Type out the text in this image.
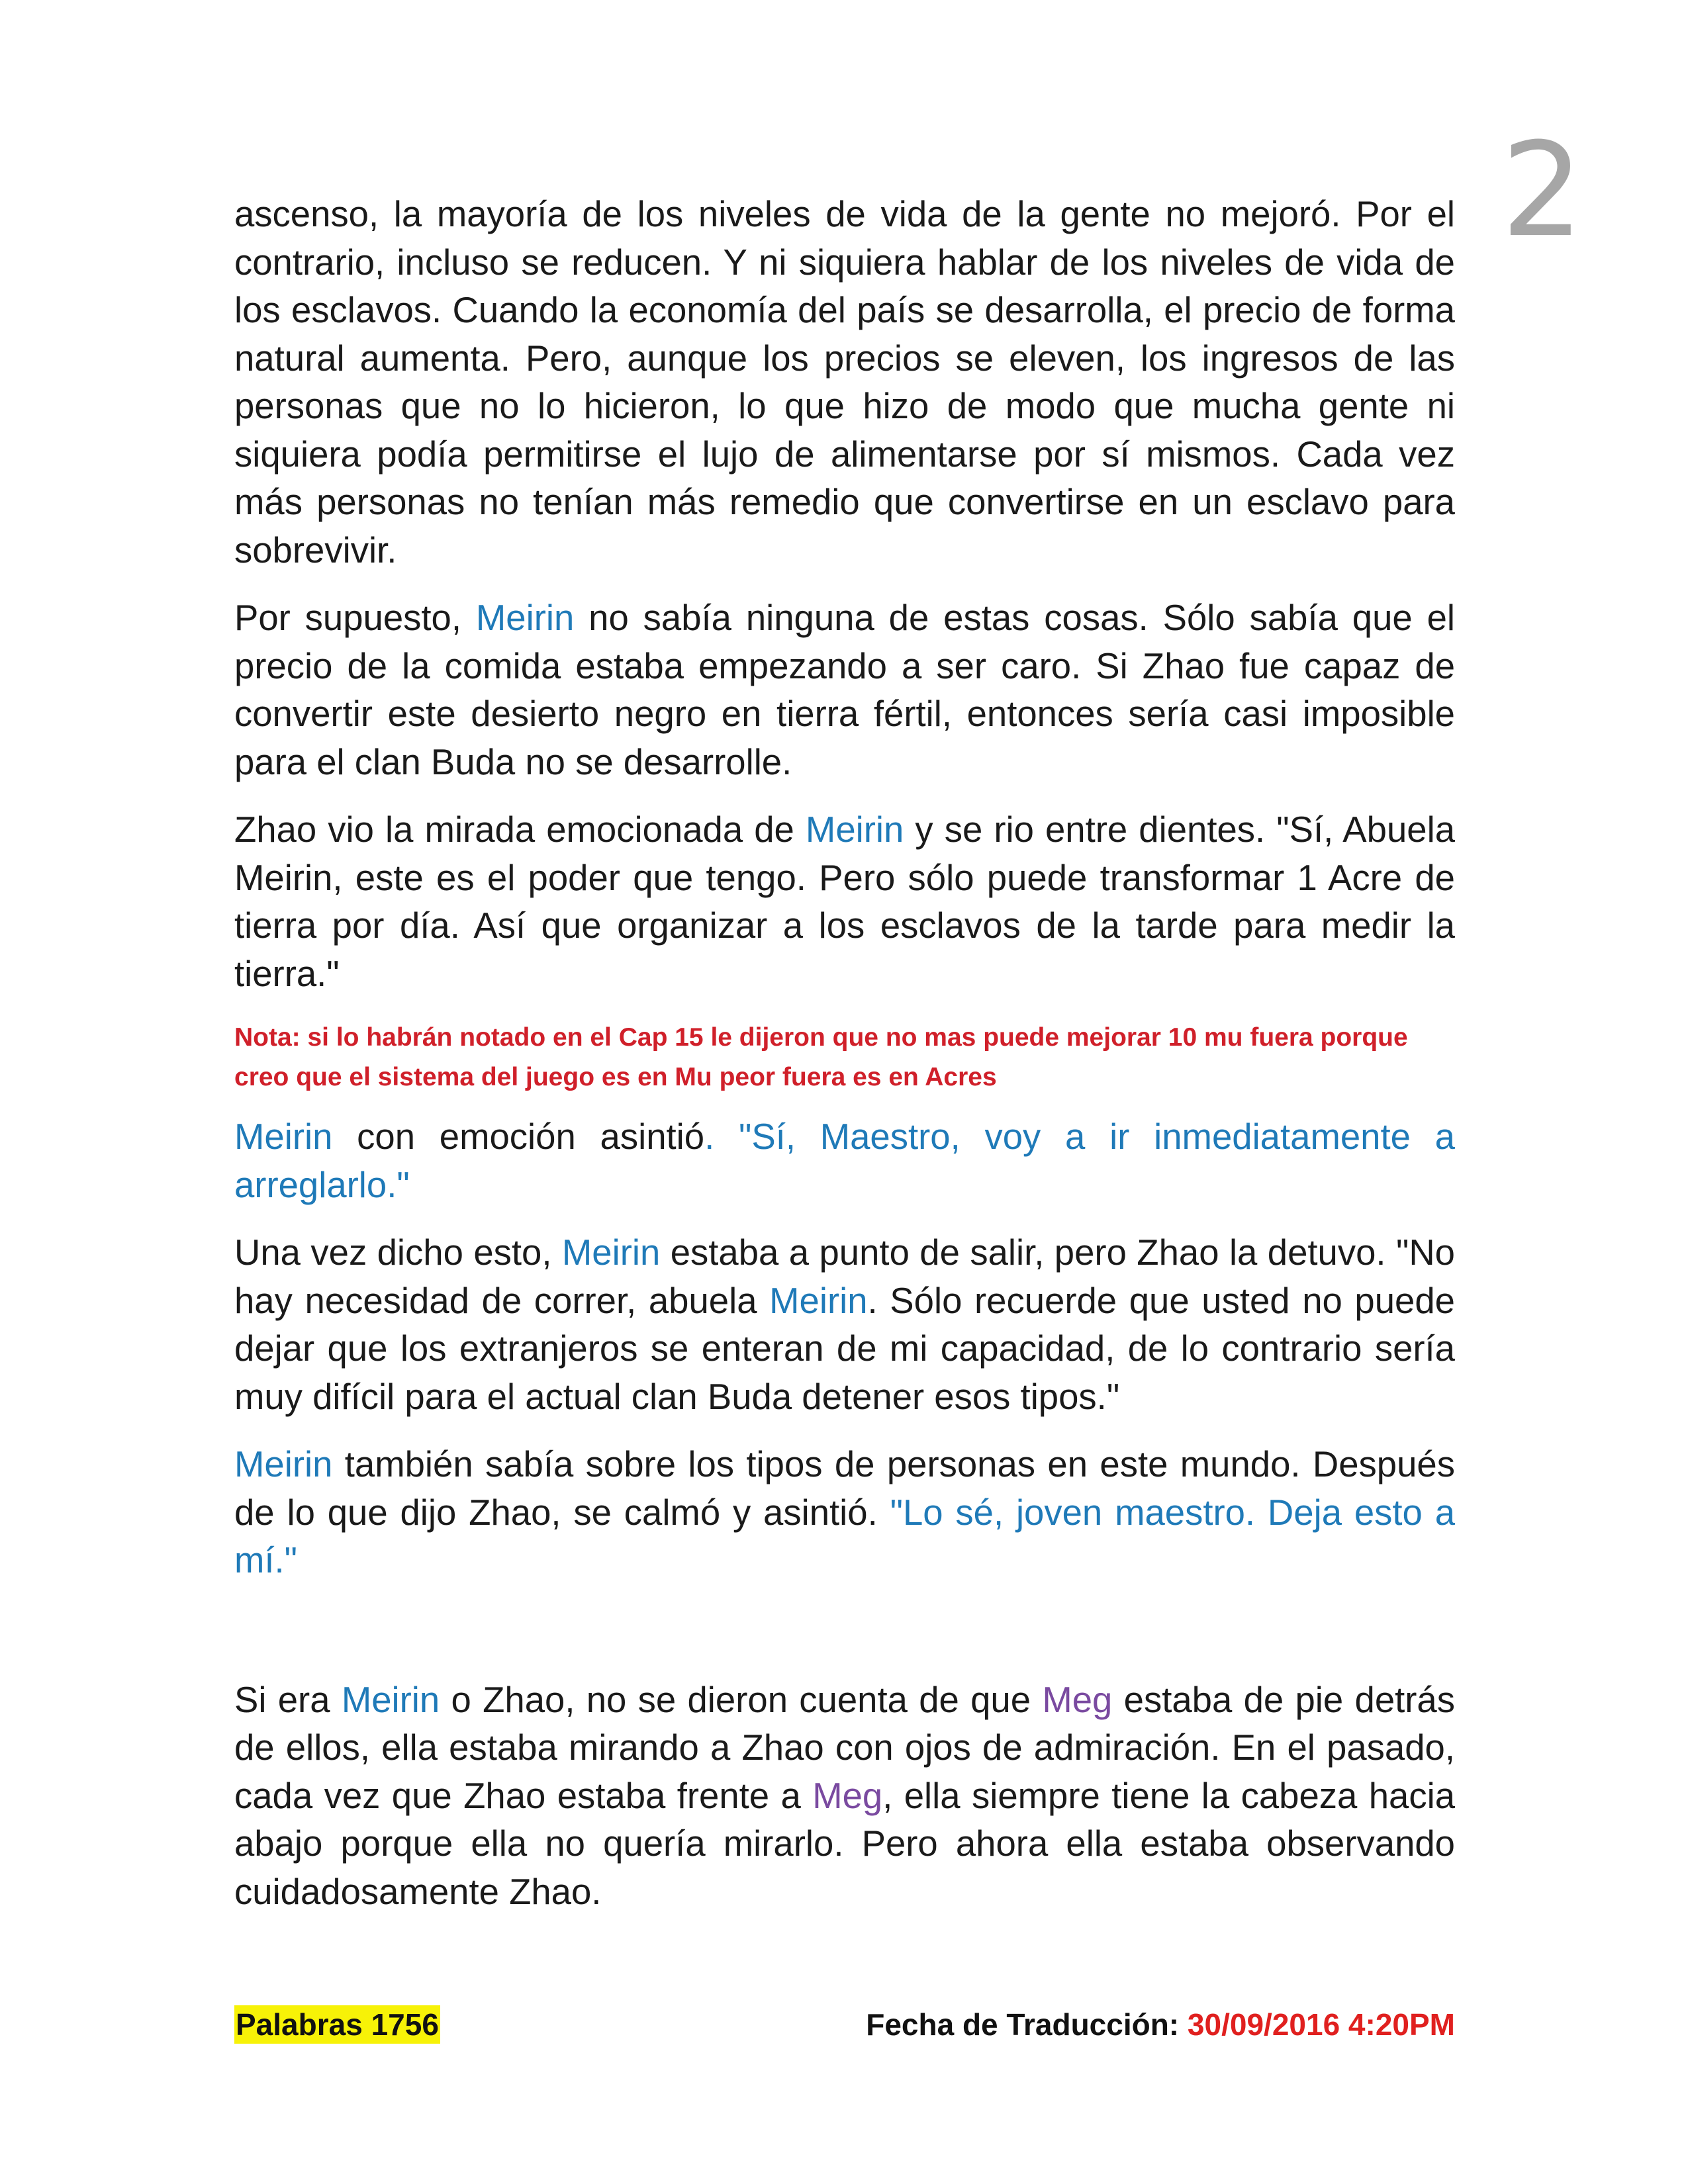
2

ascenso, la mayoría de los niveles de vida de la gente no mejoró. Por el contrario, incluso se reducen. Y ni siquiera hablar de los niveles de vida de los esclavos. Cuando la economía del país se desarrolla, el precio de forma natural aumenta. Pero, aunque los precios se eleven, los ingresos de las personas que no lo hicieron, lo que hizo de modo que mucha gente ni siquiera podía permitirse el lujo de alimentarse por sí mismos. Cada vez más personas no tenían más remedio que convertirse en un esclavo para sobrevivir.

Por supuesto, Meirin no sabía ninguna de estas cosas. Sólo sabía que el precio de la comida estaba empezando a ser caro. Si Zhao fue capaz de convertir este desierto negro en tierra fértil, entonces sería casi imposible para el clan Buda no se desarrolle.

Zhao vio la mirada emocionada de Meirin y se rio entre dientes. "Sí, Abuela Meirin, este es el poder que tengo. Pero sólo puede transformar 1 Acre de tierra por día. Así que organizar a los esclavos de la tarde para medir la tierra."

Nota: si lo habrán notado en el Cap 15 le dijeron que no mas puede mejorar 10 mu fuera porque creo que el sistema del juego es en Mu peor fuera es en Acres

Meirin con emoción asintió. "Sí, Maestro, voy a ir inmediatamente a arreglarlo."

Una vez dicho esto, Meirin estaba a punto de salir, pero Zhao la detuvo. "No hay necesidad de correr, abuela Meirin. Sólo recuerde que usted no puede dejar que los extranjeros se enteran de mi capacidad, de lo contrario sería muy difícil para el actual clan Buda detener esos tipos."

Meirin también sabía sobre los tipos de personas en este mundo. Después de lo que dijo Zhao, se calmó y asintió. "Lo sé, joven maestro. Deja esto a mí."

Si era Meirin o Zhao, no se dieron cuenta de que Meg estaba de pie detrás de ellos, ella estaba mirando a Zhao con ojos de admiración. En el pasado, cada vez que Zhao estaba frente a Meg, ella siempre tiene la cabeza hacia abajo porque ella no quería mirarlo. Pero ahora ella estaba observando cuidadosamente Zhao.

Palabras 1756	Fecha de Traducción: 30/09/2016 4:20PM
